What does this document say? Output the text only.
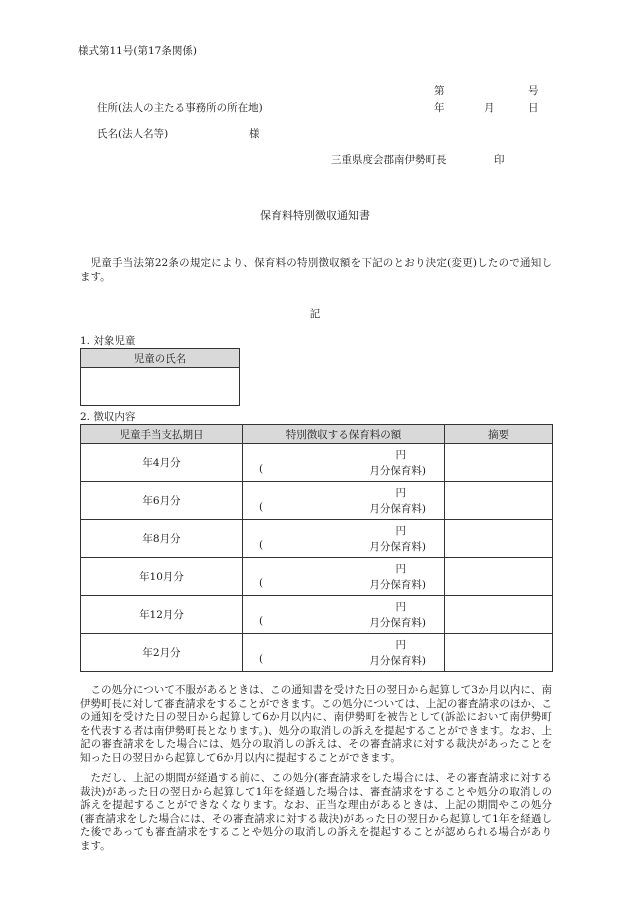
様式第11号(第17条関係)
第	号
住所(法人の主たる事務所の所在地)	年	月	日
氏名(法人名等)	様
三重県度会郡南伊勢町長	印
保育料特別徴収通知書
児童手当法第22条の規定により、保育料の特別徴収額を下記のとおり決定(変更)したので通知します。
記
1. 対象児童
児童の氏名

2. 徴収内容
児童手当支払期日	特別徴収する保育料の額	摘要
年4月分	円
( 月分保育料)	

年6月分	円
( 月分保育料)	

年8月分	円
( 月分保育料)	

年10月分	円
( 月分保育料)	

年12月分	円
( 月分保育料)	

年2月分	円
( 月分保育料)	

この処分について不服があるときは、この通知書を受けた日の翌日から起算して3か月以内に、南伊勢町長に対して審査請求をすることができます。この処分については、上記の審査請求のほか、この通知を受けた日の翌日から起算して6か月以内に、南伊勢町を被告として(訴訟において南伊勢町を代表する者は南伊勢町長となります。)、処分の取消しの訴えを提起することができます。なお、上記の審査請求をした場合には、処分の取消しの訴えは、その審査請求に対する裁決があったことを知った日の翌日から起算して6か月以内に提起することができます。
ただし、上記の期間が経過する前に、この処分(審査請求をした場合には、その審査請求に対する裁決)があった日の翌日から起算して1年を経過した場合は、審査請求をすることや処分の取消しの訴えを提起することができなくなります。なお、正当な理由があるときは、上記の期間やこの処分(審査請求をした場合には、その審査請求に対する裁決)があった日の翌日から起算して1年を経過した後であっても審査請求をすることや処分の取消しの訴えを提起することが認められる場合があります。
